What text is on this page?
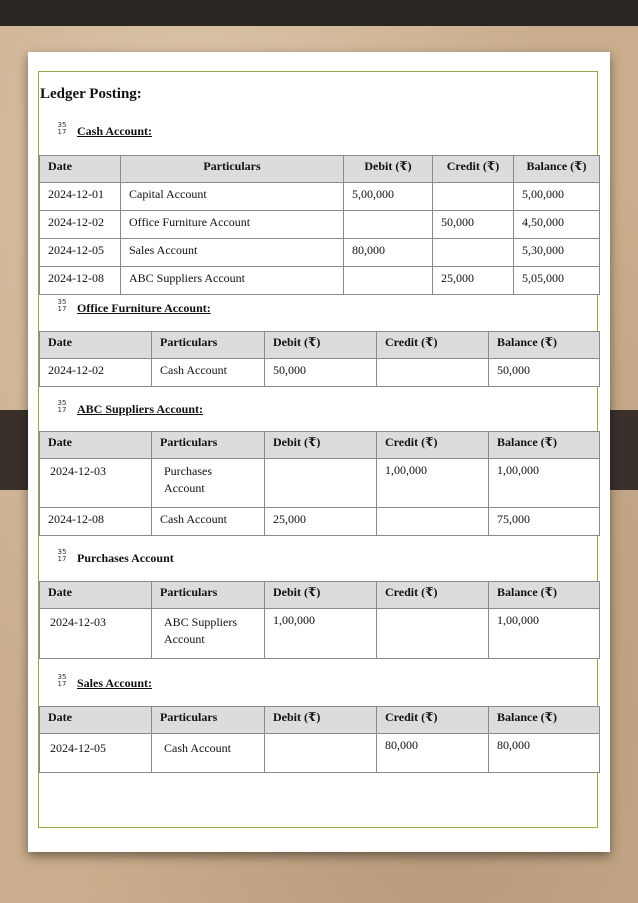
Ledger Posting:
35
17 Cash Account:
Date	Particulars	Debit (₹)	Credit (₹)	Balance (₹)
2024-12-01	Capital Account	5,00,000		5,00,000
2024-12-02	Office Furniture Account		50,000	4,50,000
2024-12-05	Sales Account	80,000		5,30,000
2024-12-08	ABC Suppliers Account		25,000	5,05,000
35
17 Office Furniture Account:
Date	Particulars	Debit (₹)	Credit (₹)	Balance (₹)
2024-12-02	Cash Account	50,000		50,000
35
17 ABC Suppliers Account:
Date	Particulars	Debit (₹)	Credit (₹)	Balance (₹)
2024-12-03	Purchases
Account		1,00,000	1,00,000
2024-12-08	Cash Account	25,000		75,000
35
17 Purchases Account
Date	Particulars	Debit (₹)	Credit (₹)	Balance (₹)
2024-12-03	ABC Suppliers
Account	1,00,000		1,00,000
35
17 Sales Account:
Date	Particulars	Debit (₹)	Credit (₹)	Balance (₹)
2024-12-05	Cash Account		80,000	80,000
